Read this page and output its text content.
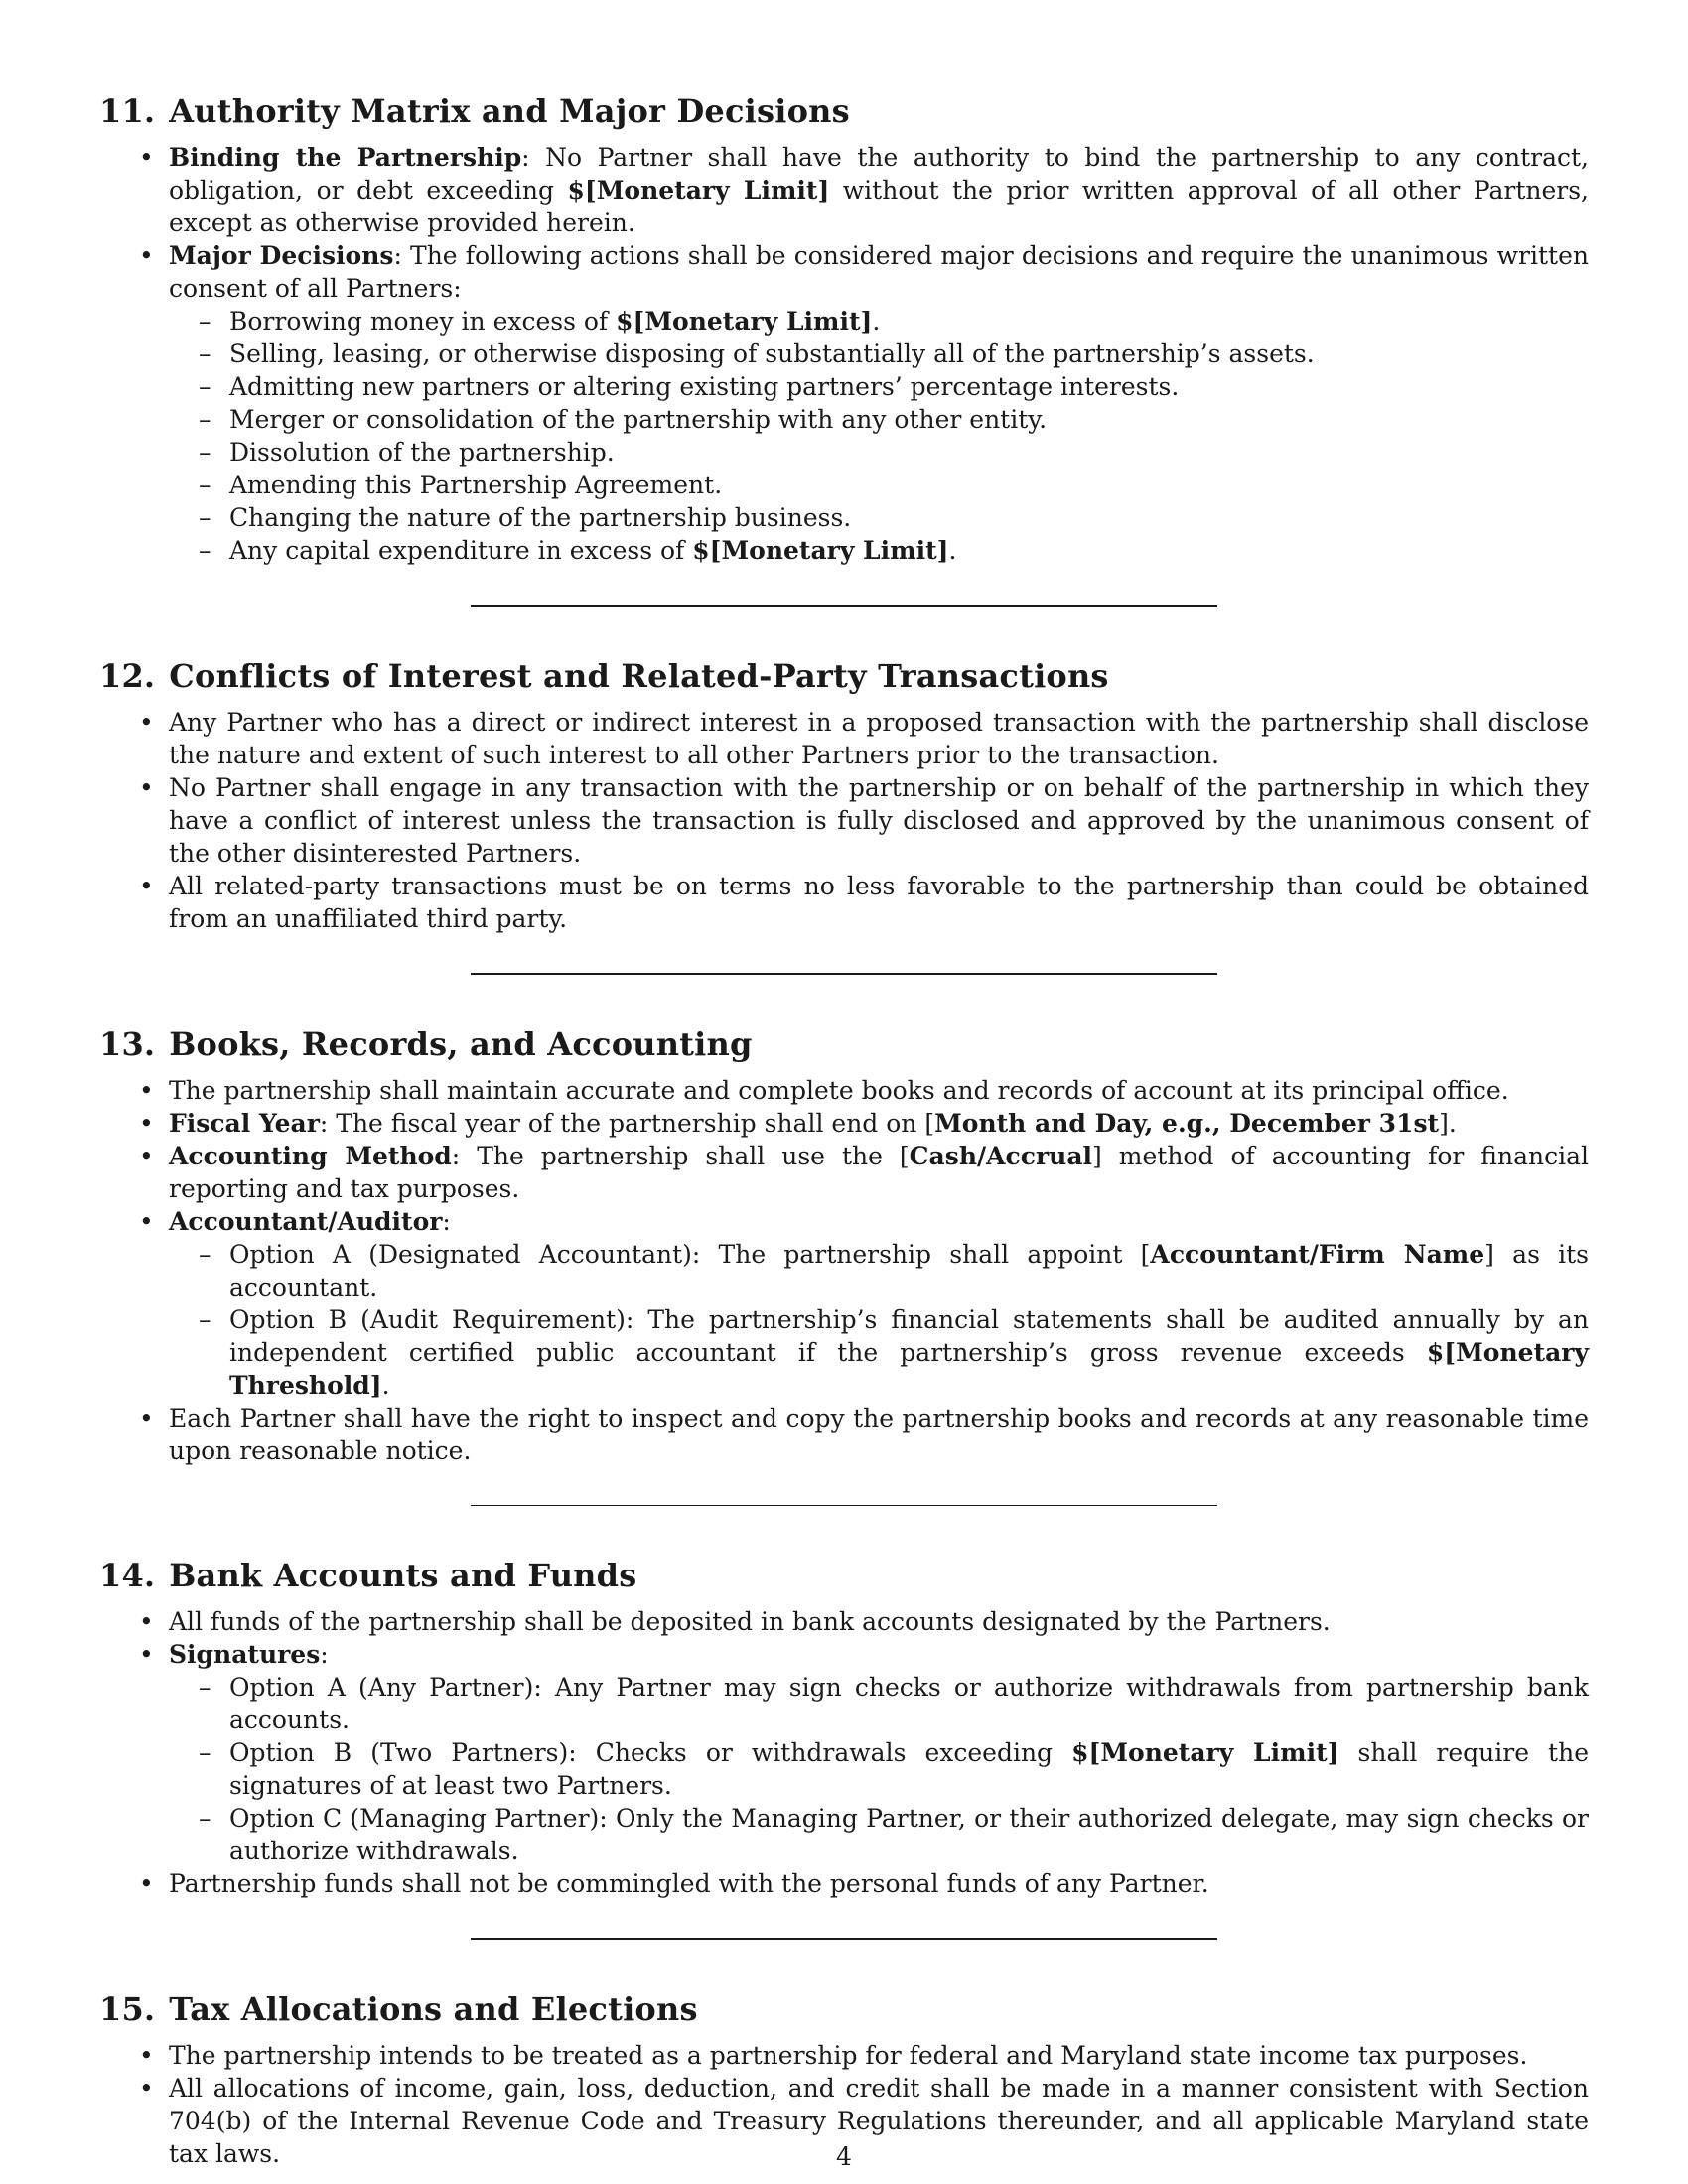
11. Authority Matrix and Major Decisions
• Binding the Partnership: No Partner shall have the authority to bind the partnership to any contract, obligation, or debt exceeding $[Monetary Limit] without the prior written approval of all other Partners, except as otherwise provided herein.
• Major Decisions: The following actions shall be considered major decisions and require the unanimous written consent of all Partners:
– Borrowing money in excess of $[Monetary Limit].
– Selling, leasing, or otherwise disposing of substantially all of the partnership’s assets.
– Admitting new partners or altering existing partners’ percentage interests.
– Merger or consolidation of the partnership with any other entity.
– Dissolution of the partnership.
– Amending this Partnership Agreement.
– Changing the nature of the partnership business.
– Any capital expenditure in excess of $[Monetary Limit].
12. Conflicts of Interest and Related-Party Transactions
• Any Partner who has a direct or indirect interest in a proposed transaction with the partnership shall disclose the nature and extent of such interest to all other Partners prior to the transaction.
• No Partner shall engage in any transaction with the partnership or on behalf of the partnership in which they have a conflict of interest unless the transaction is fully disclosed and approved by the unanimous consent of the other disinterested Partners.
• All related-party transactions must be on terms no less favorable to the partnership than could be obtained from an unaffiliated third party.
13. Books, Records, and Accounting
• The partnership shall maintain accurate and complete books and records of account at its principal office.
• Fiscal Year: The fiscal year of the partnership shall end on [Month and Day, e.g., December 31st].
• Accounting Method: The partnership shall use the [Cash/Accrual] method of accounting for financial reporting and tax purposes.
• Accountant/Auditor:
– Option A (Designated Accountant): The partnership shall appoint [Accountant/Firm Name] as its accountant.
– Option B (Audit Requirement): The partnership’s financial statements shall be audited annually by an independent certified public accountant if the partnership’s gross revenue exceeds $[Monetary Threshold].
• Each Partner shall have the right to inspect and copy the partnership books and records at any reasonable time upon reasonable notice.
14. Bank Accounts and Funds
• All funds of the partnership shall be deposited in bank accounts designated by the Partners.
• Signatures:
– Option A (Any Partner): Any Partner may sign checks or authorize withdrawals from partnership bank accounts.
– Option B (Two Partners): Checks or withdrawals exceeding $[Monetary Limit] shall require the signatures of at least two Partners.
– Option C (Managing Partner): Only the Managing Partner, or their authorized delegate, may sign checks or authorize withdrawals.
• Partnership funds shall not be commingled with the personal funds of any Partner.
15. Tax Allocations and Elections
• The partnership intends to be treated as a partnership for federal and Maryland state income tax purposes.
• All allocations of income, gain, loss, deduction, and credit shall be made in a manner consistent with Section 704(b) of the Internal Revenue Code and Treasury Regulations thereunder, and all applicable Maryland state tax laws.	4
